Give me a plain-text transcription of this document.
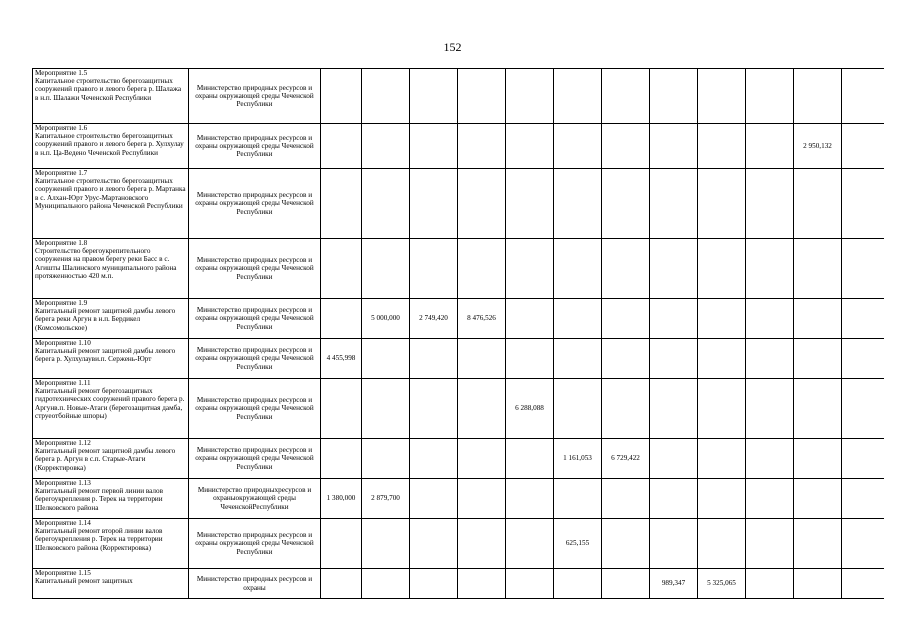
152
Мероприятие 1.5
Капитальное строительство берегозащитных сооружений правого и левого берега р. Шалажа в н.п. Шалажи Чеченской Республики	Министерство природных ресурсов и охраны окружающей среды Чеченской Республики														
Мероприятие 1.6
Капитальное строительство берегозащитных сооружений правого и левого берега р. Хулхулау в н.п. Ца-Ведено Чеченской Республики	Министерство природных ресурсов и охраны окружающей среды Чеченской Республики											2 950,132			
Мероприятие 1.7
Капитальное строительство берегозащитных сооружений правого и левого берега р. Мартанка в с. Алхан-Юрт Урус-Мартановского Муниципального района Чеченской Республики	Министерство природных ресурсов и охраны окружающей среды Чеченской Республики														
Мероприятие 1.8
Строительство берегоукрепительного сооружения на правом берегу реки Басс в с. Агишты Шалинского муниципального района протяженностью 420 м.п.	Министерство природных ресурсов и охраны окружающей среды Чеченской Республики														
Мероприятие 1.9
Капитальный ремонт защитной дамбы левого берега реки Аргун в н.п. Бердикел (Комсомольское)	Министерство природных ресурсов и охраны окружающей среды Чеченской Республики		5 000,000	2 749,420	8 476,526										
Мероприятие 1.10
Капитальный ремонт защитной дамбы левого берега р. Хулхулауви.п. Сержень-Юрт	Министерство природных ресурсов и охраны окружающей среды Чеченской Республики	4 455,998													
Мероприятие 1.11
Капитальный ремонт берегозащитных гидротехнических сооружений правого берега р. Аргунв.п. Новые-Атаги (берегозащитная дамба, струеотбойные шпоры)	Министерство природных ресурсов и охраны окружающей среды Чеченской Республики					6 288,088									
Мероприятие 1.12
Капитальный ремонт защитной дамбы левого берега р. Аргун в с.п. Старые-Атаги (Корректировка)	Министерство природных ресурсов и охраны окружающей среды Чеченской Республики						1 161,053	6 729,422							
Мероприятие 1.13
Капитальный ремонт первой линии валов берегоукрепления р. Терек на территории Шелковского района	Министерство природныхресурсов и охраныокружающей среды ЧеченскойРеспублики	1 380,000	2 879,700												
Мероприятие 1.14
Капитальный ремонт второй линии валов берегоукрепления р. Терек на территории Шелковского района (Корректировка)	Министерство природных ресурсов и охраны окружающей среды Чеченской Республики						625,155								
Мероприятие 1.15
Капитальный ремонт защитных	Министерство природных ресурсов и охраны								989,347	5 325,065					
